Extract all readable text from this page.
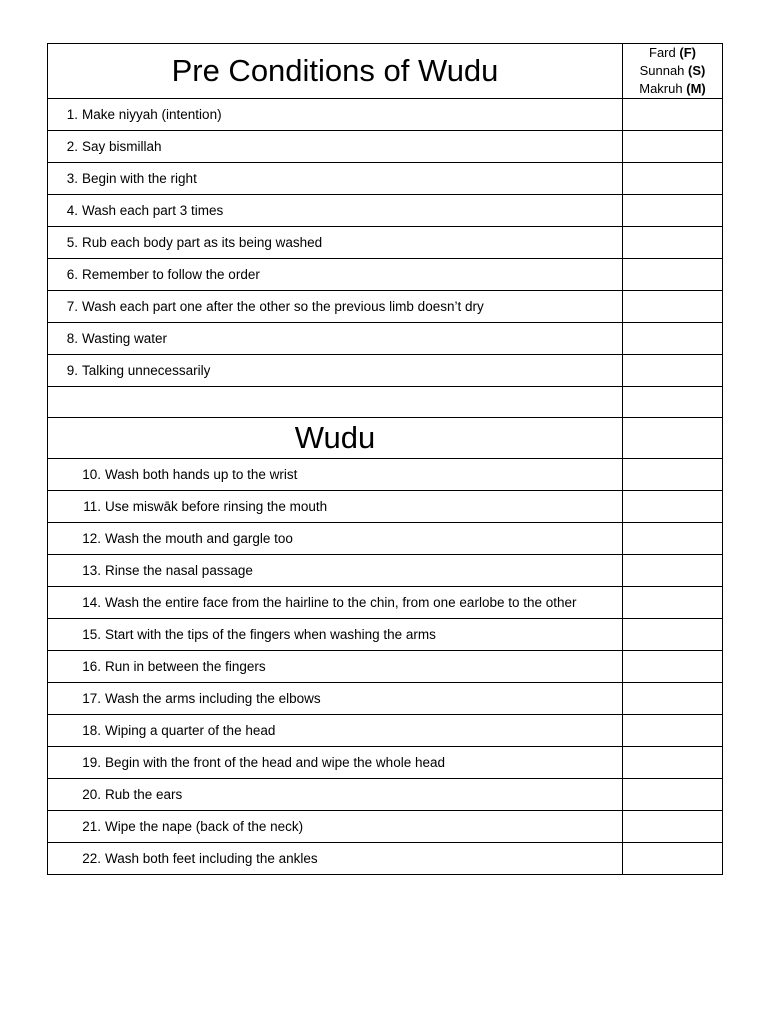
Pre Conditions of Wudu	Fard (F)
Sunnah (S)
Makruh (M)

1. Make niyyah (intention)	
2. Say bismillah	
3. Begin with the right	
4. Wash each part 3 times	
5. Rub each body part as its being washed	
6. Remember to follow the order	
7. Wash each part one after the other so the previous limb doesn’t dry	
8. Wasting water	
9. Talking unnecessarily	

Wudu	
10. Wash both hands up to the wrist	
11. Use miswāk before rinsing the mouth	
12. Wash the mouth and gargle too	
13. Rinse the nasal passage	
14. Wash the entire face from the hairline to the chin, from one earlobe to the other	
15. Start with the tips of the fingers when washing the arms	
16. Run in between the fingers	
17. Wash the arms including the elbows	
18. Wiping a quarter of the head	
19. Begin with the front of the head and wipe the whole head	
20. Rub the ears	
21. Wipe the nape (back of the neck)	
22. Wash both feet including the ankles	
